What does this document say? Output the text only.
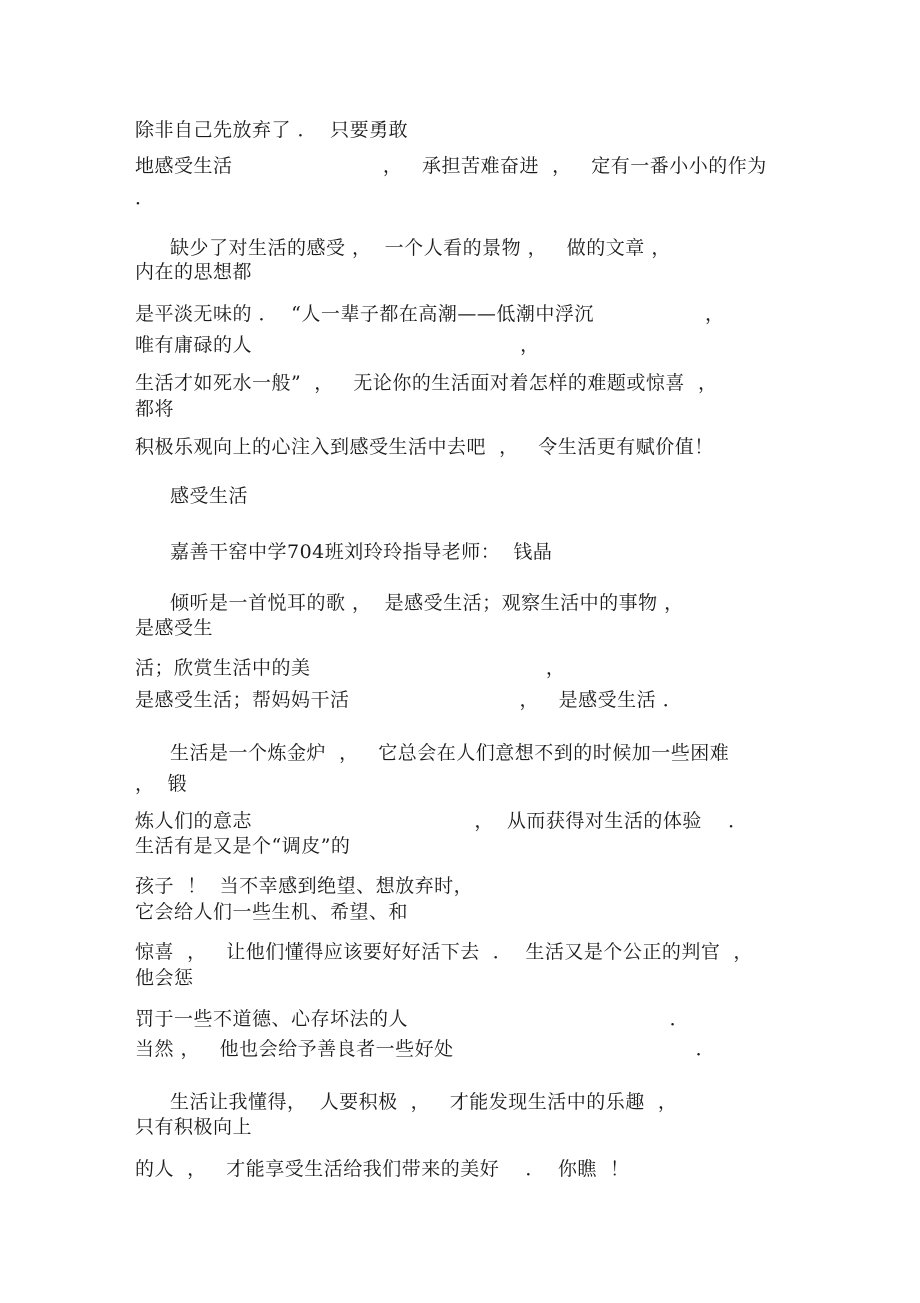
除非自己先放弃了 ．  只要勇敢
地感受生活                       ，   承担苦难奋进  ，   定有一番小小的作为
．
缺少了对生活的感受 ，  一个人看的景物 ，   做的文章 ，
内在的思想都
是平淡无味的 ．  “人一辈子都在高潮——低潮中浮沉                 ，
唯有庸碌的人                                         ，
生活才如死水一般”  ，   无论你的生活面对着怎样的难题或惊喜  ，
都将
积极乐观向上的心注入到感受生活中去吧  ，   令生活更有赋价值！
感受生活
嘉善干窑中学704班刘玲玲指导老师：  钱晶
倾听是一首悦耳的歌 ，  是感受生活；观察生活中的事物 ，
是感受生
活；欣赏生活中的美                                    ，
是感受生活；帮妈妈干活                          ，   是感受生活 ．
生活是一个炼金炉  ，   它总会在人们意想不到的时候加一些困难
，  锻
炼人们的意志                                  ，  从而获得对生活的体验    ．
生活有是又是个“调皮”的
孩子  ！  当不幸感到绝望、想放弃时，
它会给人们一些生机、希望、和
惊喜  ，   让他们懂得应该要好好活下去  ．  生活又是个公正的判官  ，
他会惩
罚于一些不道德、心存坏法的人                                        ．
当然 ，   他也会给予善良者一些好处                                     ．
生活让我懂得，  人要积极  ，   才能发现生活中的乐趣  ，
只有积极向上
的人  ，   才能享受生活给我们带来的美好    ．  你瞧  ！
